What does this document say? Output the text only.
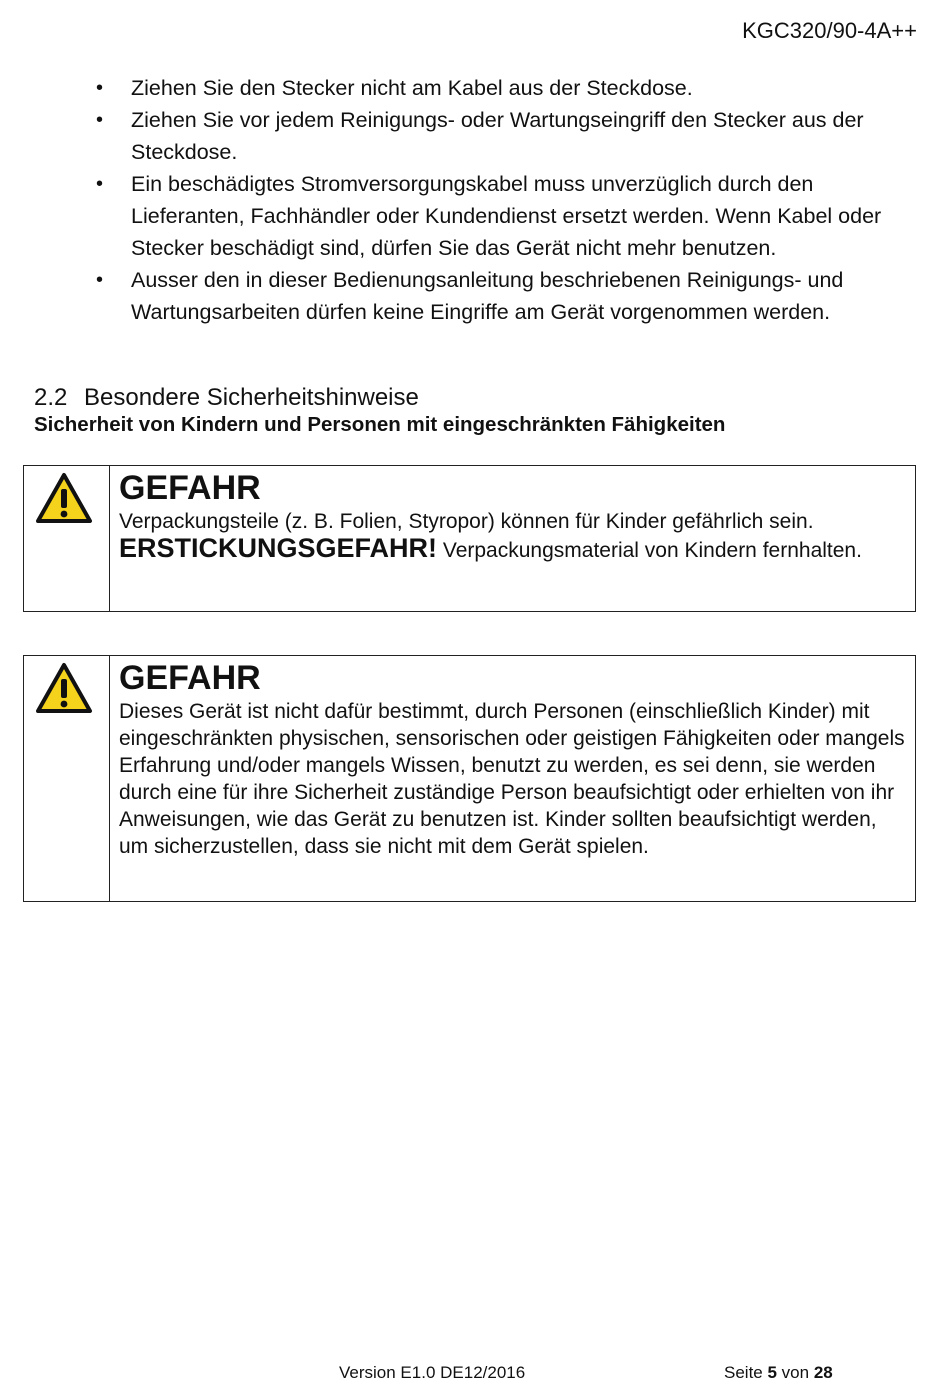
KGC320/90-4A++
• Ziehen Sie den Stecker nicht am Kabel aus der Steckdose.
• Ziehen Sie vor jedem Reinigungs- oder Wartungseingriff den Stecker aus der Steckdose.
• Ein beschädigtes Stromversorgungskabel muss unverzüglich durch den Lieferanten, Fachhändler oder Kundendienst ersetzt werden. Wenn Kabel oder Stecker beschädigt sind, dürfen Sie das Gerät nicht mehr benutzen.
• Ausser den in dieser Bedienungsanleitung beschriebenen Reinigungs- und Wartungsarbeiten dürfen keine Eingriffe am Gerät vorgenommen werden.
2.2 Besondere Sicherheitshinweise
Sicherheit von Kindern und Personen mit eingeschränkten Fähigkeiten
GEFAHR
Verpackungsteile (z. B. Folien, Styropor) können für Kinder gefährlich sein.
ERSTICKUNGSGEFAHR! Verpackungsmaterial von Kindern fernhalten.
GEFAHR
Dieses Gerät ist nicht dafür bestimmt, durch Personen (einschließlich Kinder) mit eingeschränkten physischen, sensorischen oder geistigen Fähigkeiten oder mangels Erfahrung und/oder mangels Wissen, benutzt zu werden, es sei denn, sie werden durch eine für ihre Sicherheit zuständige Person beaufsichtigt oder erhielten von ihr Anweisungen, wie das Gerät zu benutzen ist. Kinder sollten beaufsichtigt werden, um sicherzustellen, dass sie nicht mit dem Gerät spielen.
Version E1.0 DE12/2016	Seite 5 von 28
